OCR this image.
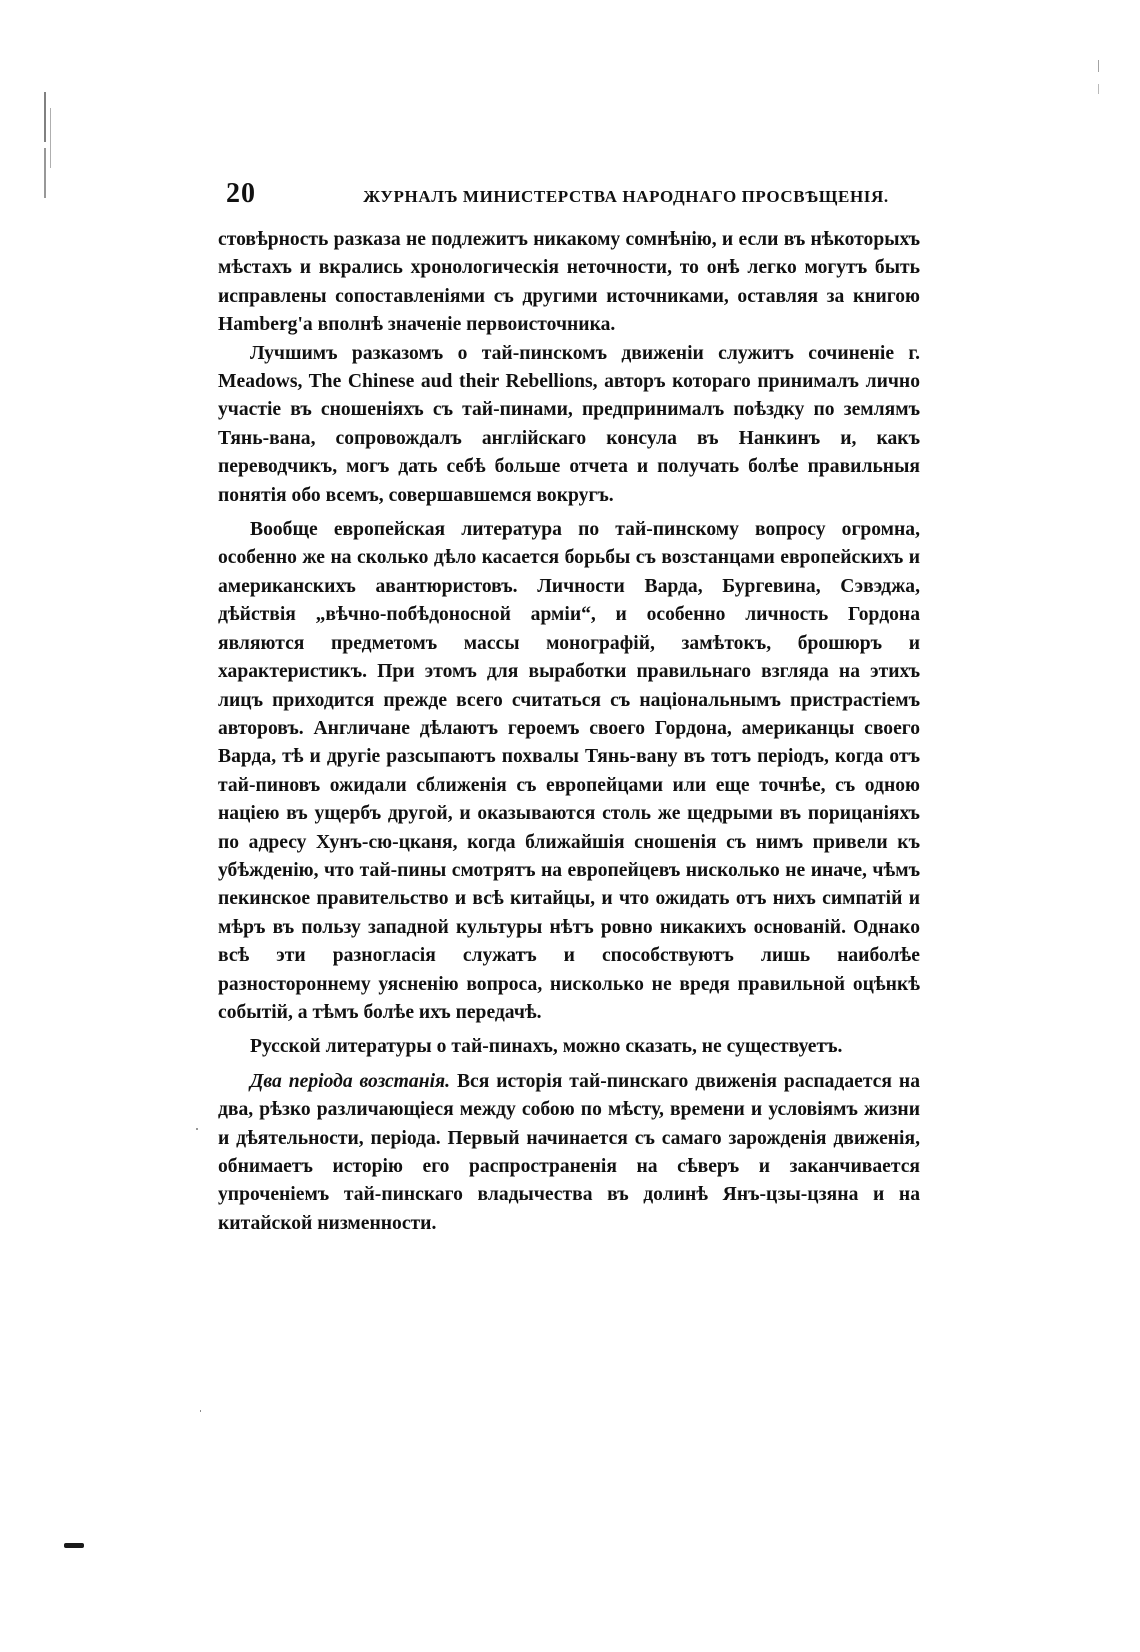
20	ЖУРНАЛЪ МИНИСТЕРСТВА НАРОДНАГО ПРОСВѢЩЕНІЯ.

стовѣрность разказа не подлежитъ никакому сомнѣнію, и если въ нѣкоторыхъ мѣстахъ и вкрались хронологическія неточности, то онѣ легко могутъ быть исправлены сопоставленіями съ другими источниками, оставляя за книгою Hamberg'а вполнѣ значеніе первоисточника.

Лучшимъ разказомъ о тай-пинскомъ движеніи служитъ сочиненіе г. Meadows, The Chinese aud their Rebellions, авторъ котораго принималъ лично участіе въ сношеніяхъ съ тай-пинами, предпринималъ поѣздку по землямъ Тянь-вана, сопровождалъ англійскаго консула въ Нанкинъ и, какъ переводчикъ, могъ дать себѣ больше отчета и получать болѣе правильныя понятія обо всемъ, совершавшемся вокругъ.

Вообще европейская литература по тай-пинскому вопросу огромна, особенно же на сколько дѣло касается борьбы съ возстанцами европейскихъ и американскихъ авантюристовъ. Личности Варда, Бургевина, Сэвэджа, дѣйствія „вѣчно-побѣдоносной арміи“, и особенно личность Гордона являются предметомъ массы монографій, замѣтокъ, брошюръ и характеристикъ. При этомъ для выработки правильнаго взгляда на этихъ лицъ приходится прежде всего считаться съ національнымъ пристрастіемъ авторовъ. Англичане дѣлаютъ героемъ своего Гордона, американцы своего Варда, тѣ и другіе разсыпаютъ похвалы Тянь-вану въ тотъ періодъ, когда отъ тай-пиновъ ожидали сближенія съ европейцами или еще точнѣе, съ одною націею въ ущербъ другой, и оказываются столь же щедрыми въ порицаніяхъ по адресу Хунъ-сю-цканя, когда ближайшія сношенія съ нимъ привели къ убѣжденію, что тай-пины смотрятъ на европейцевъ нисколько не иначе, чѣмъ пекинское правительство и всѣ китайцы, и что ожидать отъ нихъ симпатій и мѣръ въ пользу западной культуры нѣтъ ровно никакихъ основаній. Однако всѣ эти разногласія служатъ и способствуютъ лишь наиболѣе разностороннему уясненію вопроса, нисколько не вредя правильной оцѣнкѣ событій, а тѣмъ болѣе ихъ передачѣ.

Русской литературы о тай-пинахъ, можно сказать, не существуетъ.

Два періода возстанія. Вся исторія тай-пинскаго движенія распадается на два, рѣзко различающіеся между собою по мѣсту, времени и условіямъ жизни и дѣятельности, періода. Первый начинается съ самаго зарожденія движенія, обнимаетъ исторію его распространенія на сѣверъ и заканчивается упроченіемъ тай-пинскаго владычества въ долинѣ Янъ-цзы-цзяна и на китайской низменности.
